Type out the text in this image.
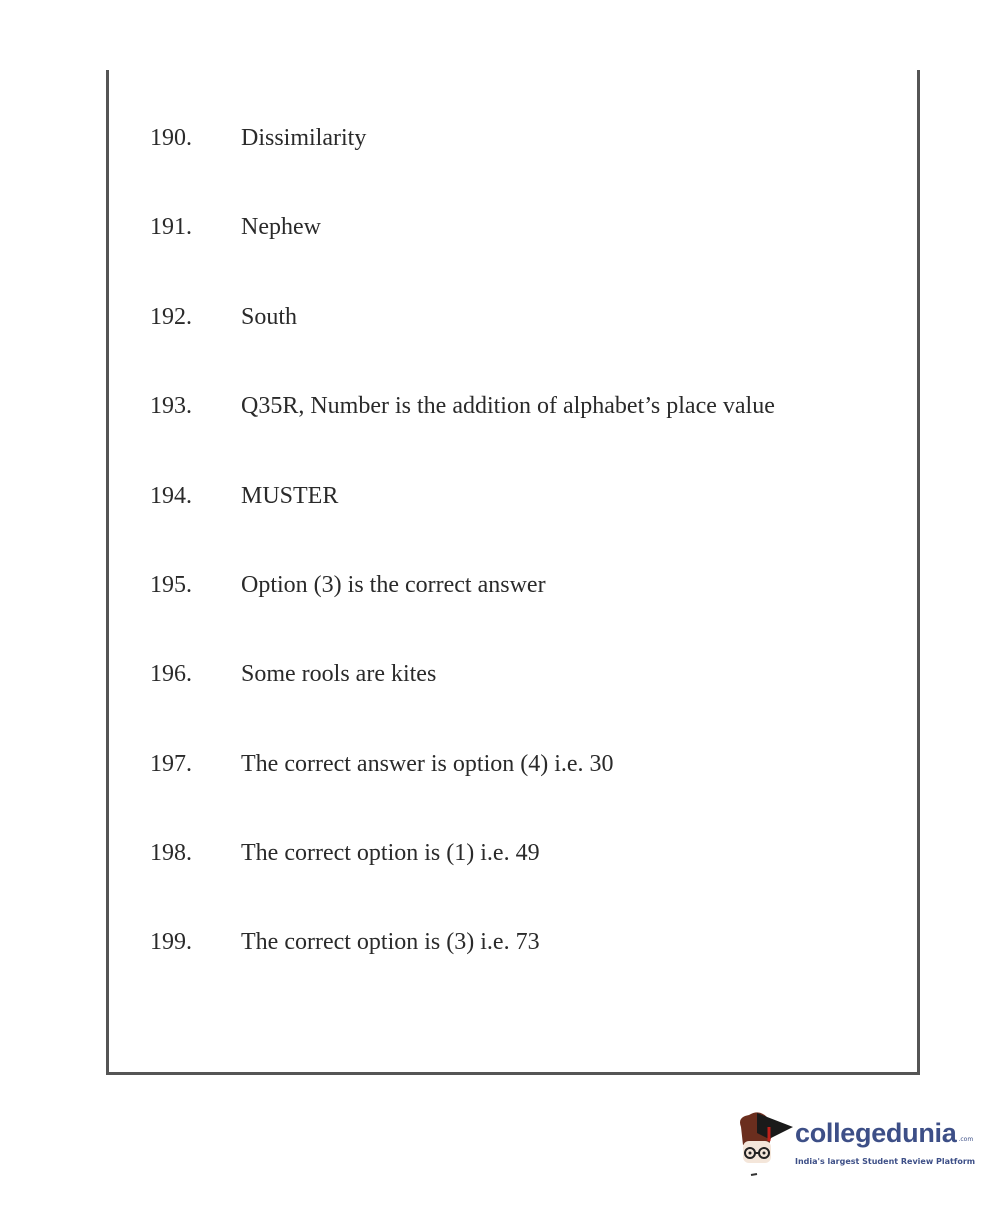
190. Dissimilarity
191. Nephew
192. South
193. Q35R, Number is the addition of alphabet’s place value
194. MUSTER
195. Option (3) is the correct answer
196. Some rools are kites
197. The correct answer is option (4) i.e. 30
198. The correct option is (1) i.e. 49
199. The correct option is (3) i.e. 73
collegedunia .com
India's largest Student Review Platform
